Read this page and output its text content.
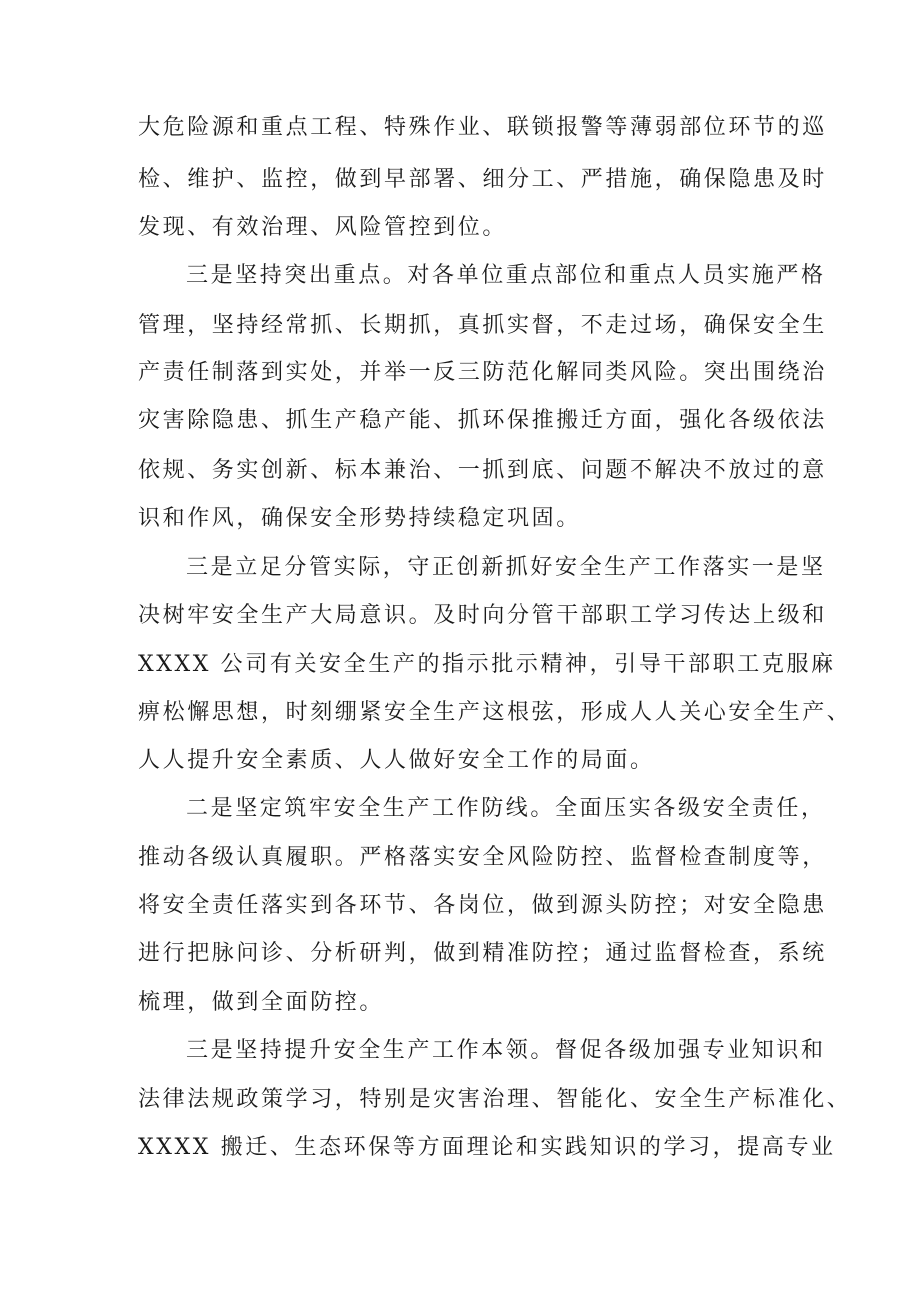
大危险源和重点工程、特殊作业、联锁报警等薄弱部位环节的巡
检、维护、监控，做到早部署、细分工、严措施，确保隐患及时
发现、有效治理、风险管控到位。
三是坚持突出重点。对各单位重点部位和重点人员实施严格
管理，坚持经常抓、长期抓，真抓实督，不走过场，确保安全生
产责任制落到实处，并举一反三防范化解同类风险。突出围绕治
灾害除隐患、抓生产稳产能、抓环保推搬迁方面，强化各级依法
依规、务实创新、标本兼治、一抓到底、问题不解决不放过的意
识和作风，确保安全形势持续稳定巩固。
三是立足分管实际，守正创新抓好安全生产工作落实一是坚
决树牢安全生产大局意识。及时向分管干部职工学习传达上级和
XXXX 公司有关安全生产的指示批示精神，引导干部职工克服麻
痹松懈思想，时刻绷紧安全生产这根弦，形成人人关心安全生产、
人人提升安全素质、人人做好安全工作的局面。
二是坚定筑牢安全生产工作防线。全面压实各级安全责任，
推动各级认真履职。严格落实安全风险防控、监督检查制度等，
将安全责任落实到各环节、各岗位，做到源头防控；对安全隐患
进行把脉问诊、分析研判，做到精准防控；通过监督检查，系统
梳理，做到全面防控。
三是坚持提升安全生产工作本领。督促各级加强专业知识和
法律法规政策学习，特别是灾害治理、智能化、安全生产标准化、
XXXX 搬迁、生态环保等方面理论和实践知识的学习，提高专业
